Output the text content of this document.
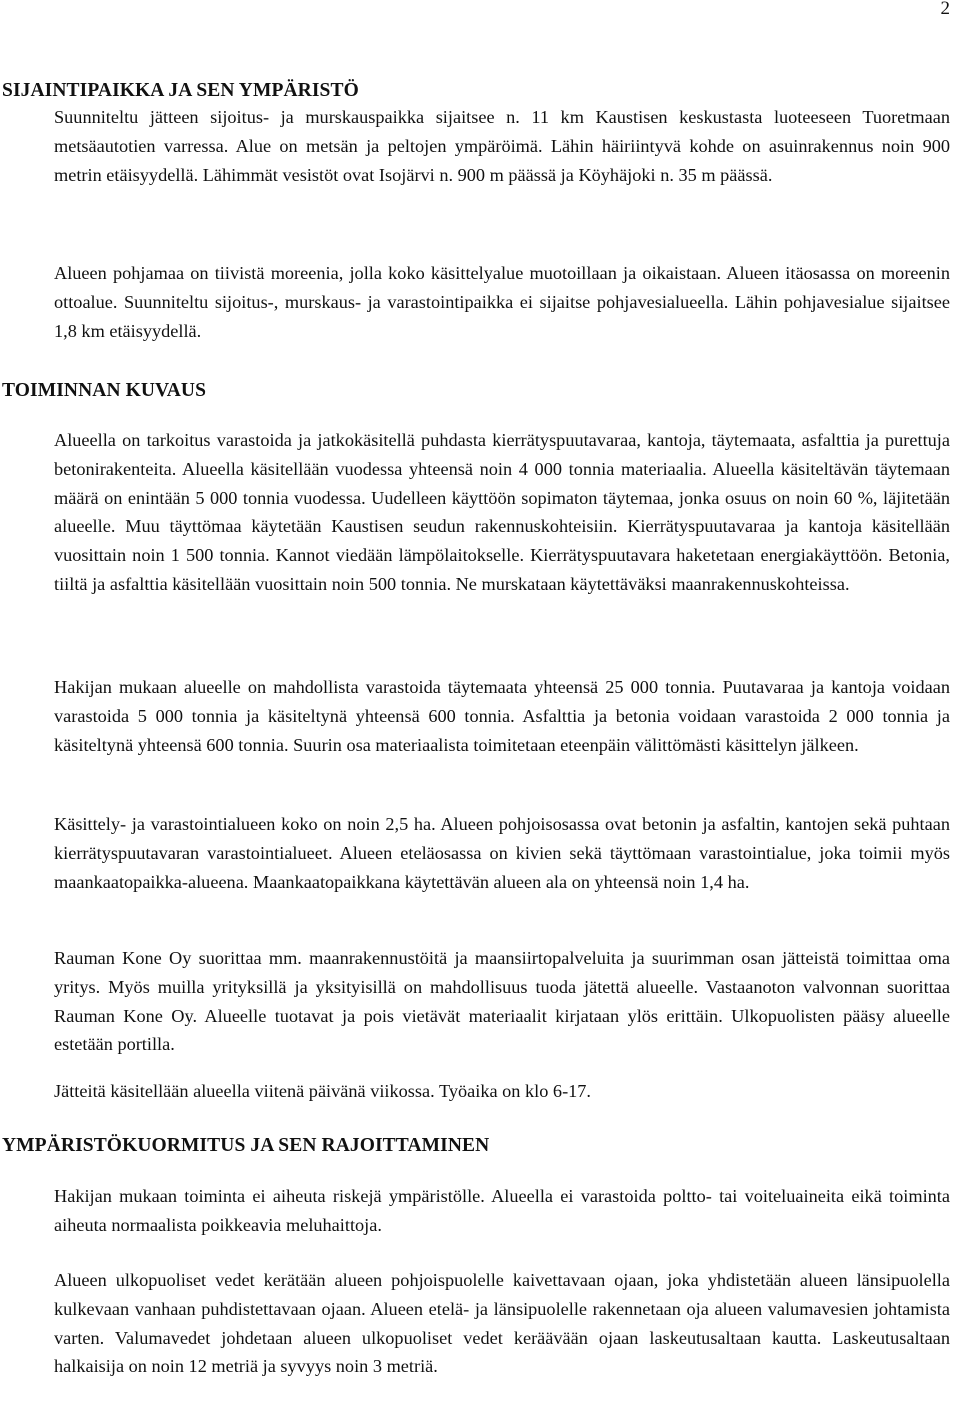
2
SIJAINTIPAIKKA JA SEN YMPÄRISTÖ

Suunniteltu jätteen sijoitus- ja murskauspaikka sijaitsee n. 11 km Kaustisen keskustasta luoteeseen Tuoretmaan metsäautotien varressa. Alue on metsän ja peltojen ympäröimä. Lähin häiriintyvä kohde on asuinrakennus noin 900 metrin etäisyydellä. Lähimmät vesistöt ovat Isojärvi n. 900 m päässä ja Köyhäjoki n. 35 m päässä.

Alueen pohjamaa on tiivistä moreenia, jolla koko käsittelyalue muotoillaan ja oikaistaan. Alueen itäosassa on moreenin ottoalue. Suunniteltu sijoitus-, murskaus- ja varastointipaikka ei sijaitse pohjavesialueella. Lähin pohjavesialue sijaitsee 1,8 km etäisyydellä.

TOIMINNAN KUVAUS

Alueella on tarkoitus varastoida ja jatkokäsitellä puhdasta kierrätyspuutavaraa, kantoja, täytemaata, asfalttia ja purettuja betonirakenteita. Alueella käsitellään vuodessa yhteensä noin 4 000 tonnia materiaalia. Alueella käsiteltävän täytemaan määrä on enintään 5 000 tonnia vuodessa. Uudelleen käyttöön sopimaton täytemaa, jonka osuus on noin 60 %, läjitetään alueelle. Muu täyttömaa käytetään Kaustisen seudun rakennuskohteisiin. Kierrätyspuutavaraa ja kantoja käsitellään vuosittain noin 1 500 tonnia. Kannot viedään lämpölaitokselle. Kierrätyspuutavara haketetaan energiakäyttöön. Betonia, tiiltä ja asfalttia käsitellään vuosittain noin 500 tonnia. Ne murskataan käytettäväksi maanrakennuskohteissa.

Hakijan mukaan alueelle on mahdollista varastoida täytemaata yhteensä 25 000 tonnia. Puutavaraa ja kantoja voidaan varastoida 5 000 tonnia ja käsiteltynä yhteensä 600 tonnia. Asfalttia ja betonia voidaan varastoida 2 000 tonnia ja käsiteltynä yhteensä 600 tonnia. Suurin osa materiaalista toimitetaan eteenpäin välittömästi käsittelyn jälkeen.

Käsittely- ja varastointialueen koko on noin 2,5 ha. Alueen pohjoisosassa ovat betonin ja asfaltin, kantojen sekä puhtaan kierrätyspuutavaran varastointialueet. Alueen eteläosassa on kivien sekä täyttömaan varastointialue, joka toimii myös maankaatopaikka-alueena. Maankaatopaikkana käytettävän alueen ala on yhteensä noin 1,4 ha.

Rauman Kone Oy suorittaa mm. maanrakennustöitä ja maansiirtopalveluita ja suurimman osan jätteistä toimittaa oma yritys. Myös muilla yrityksillä ja yksityisillä on mahdollisuus tuoda jätettä alueelle. Vastaanoton valvonnan suorittaa Rauman Kone Oy. Alueelle tuotavat ja pois vietävät materiaalit kirjataan ylös erittäin. Ulkopuolisten pääsy alueelle estetään portilla.

Jätteitä käsitellään alueella viitenä päivänä viikossa. Työaika on klo 6-17.

YMPÄRISTÖKUORMITUS JA SEN RAJOITTAMINEN

Hakijan mukaan toiminta ei aiheuta riskejä ympäristölle. Alueella ei varastoida poltto- tai voiteluaineita eikä toiminta aiheuta normaalista poikkeavia meluhaittoja.

Alueen ulkopuoliset vedet kerätään alueen pohjoispuolelle kaivettavaan ojaan, joka yhdistetään alueen länsipuolella kulkevaan vanhaan puhdistettavaan ojaan. Alueen etelä- ja länsipuolelle rakennetaan oja alueen valumavesien johtamista varten. Valumavedet johdetaan alueen ulkopuoliset vedet keräävään ojaan laskeutusaltaan kautta. Laskeutusaltaan halkaisija on noin 12 metriä ja syvyys noin 3 metriä.
